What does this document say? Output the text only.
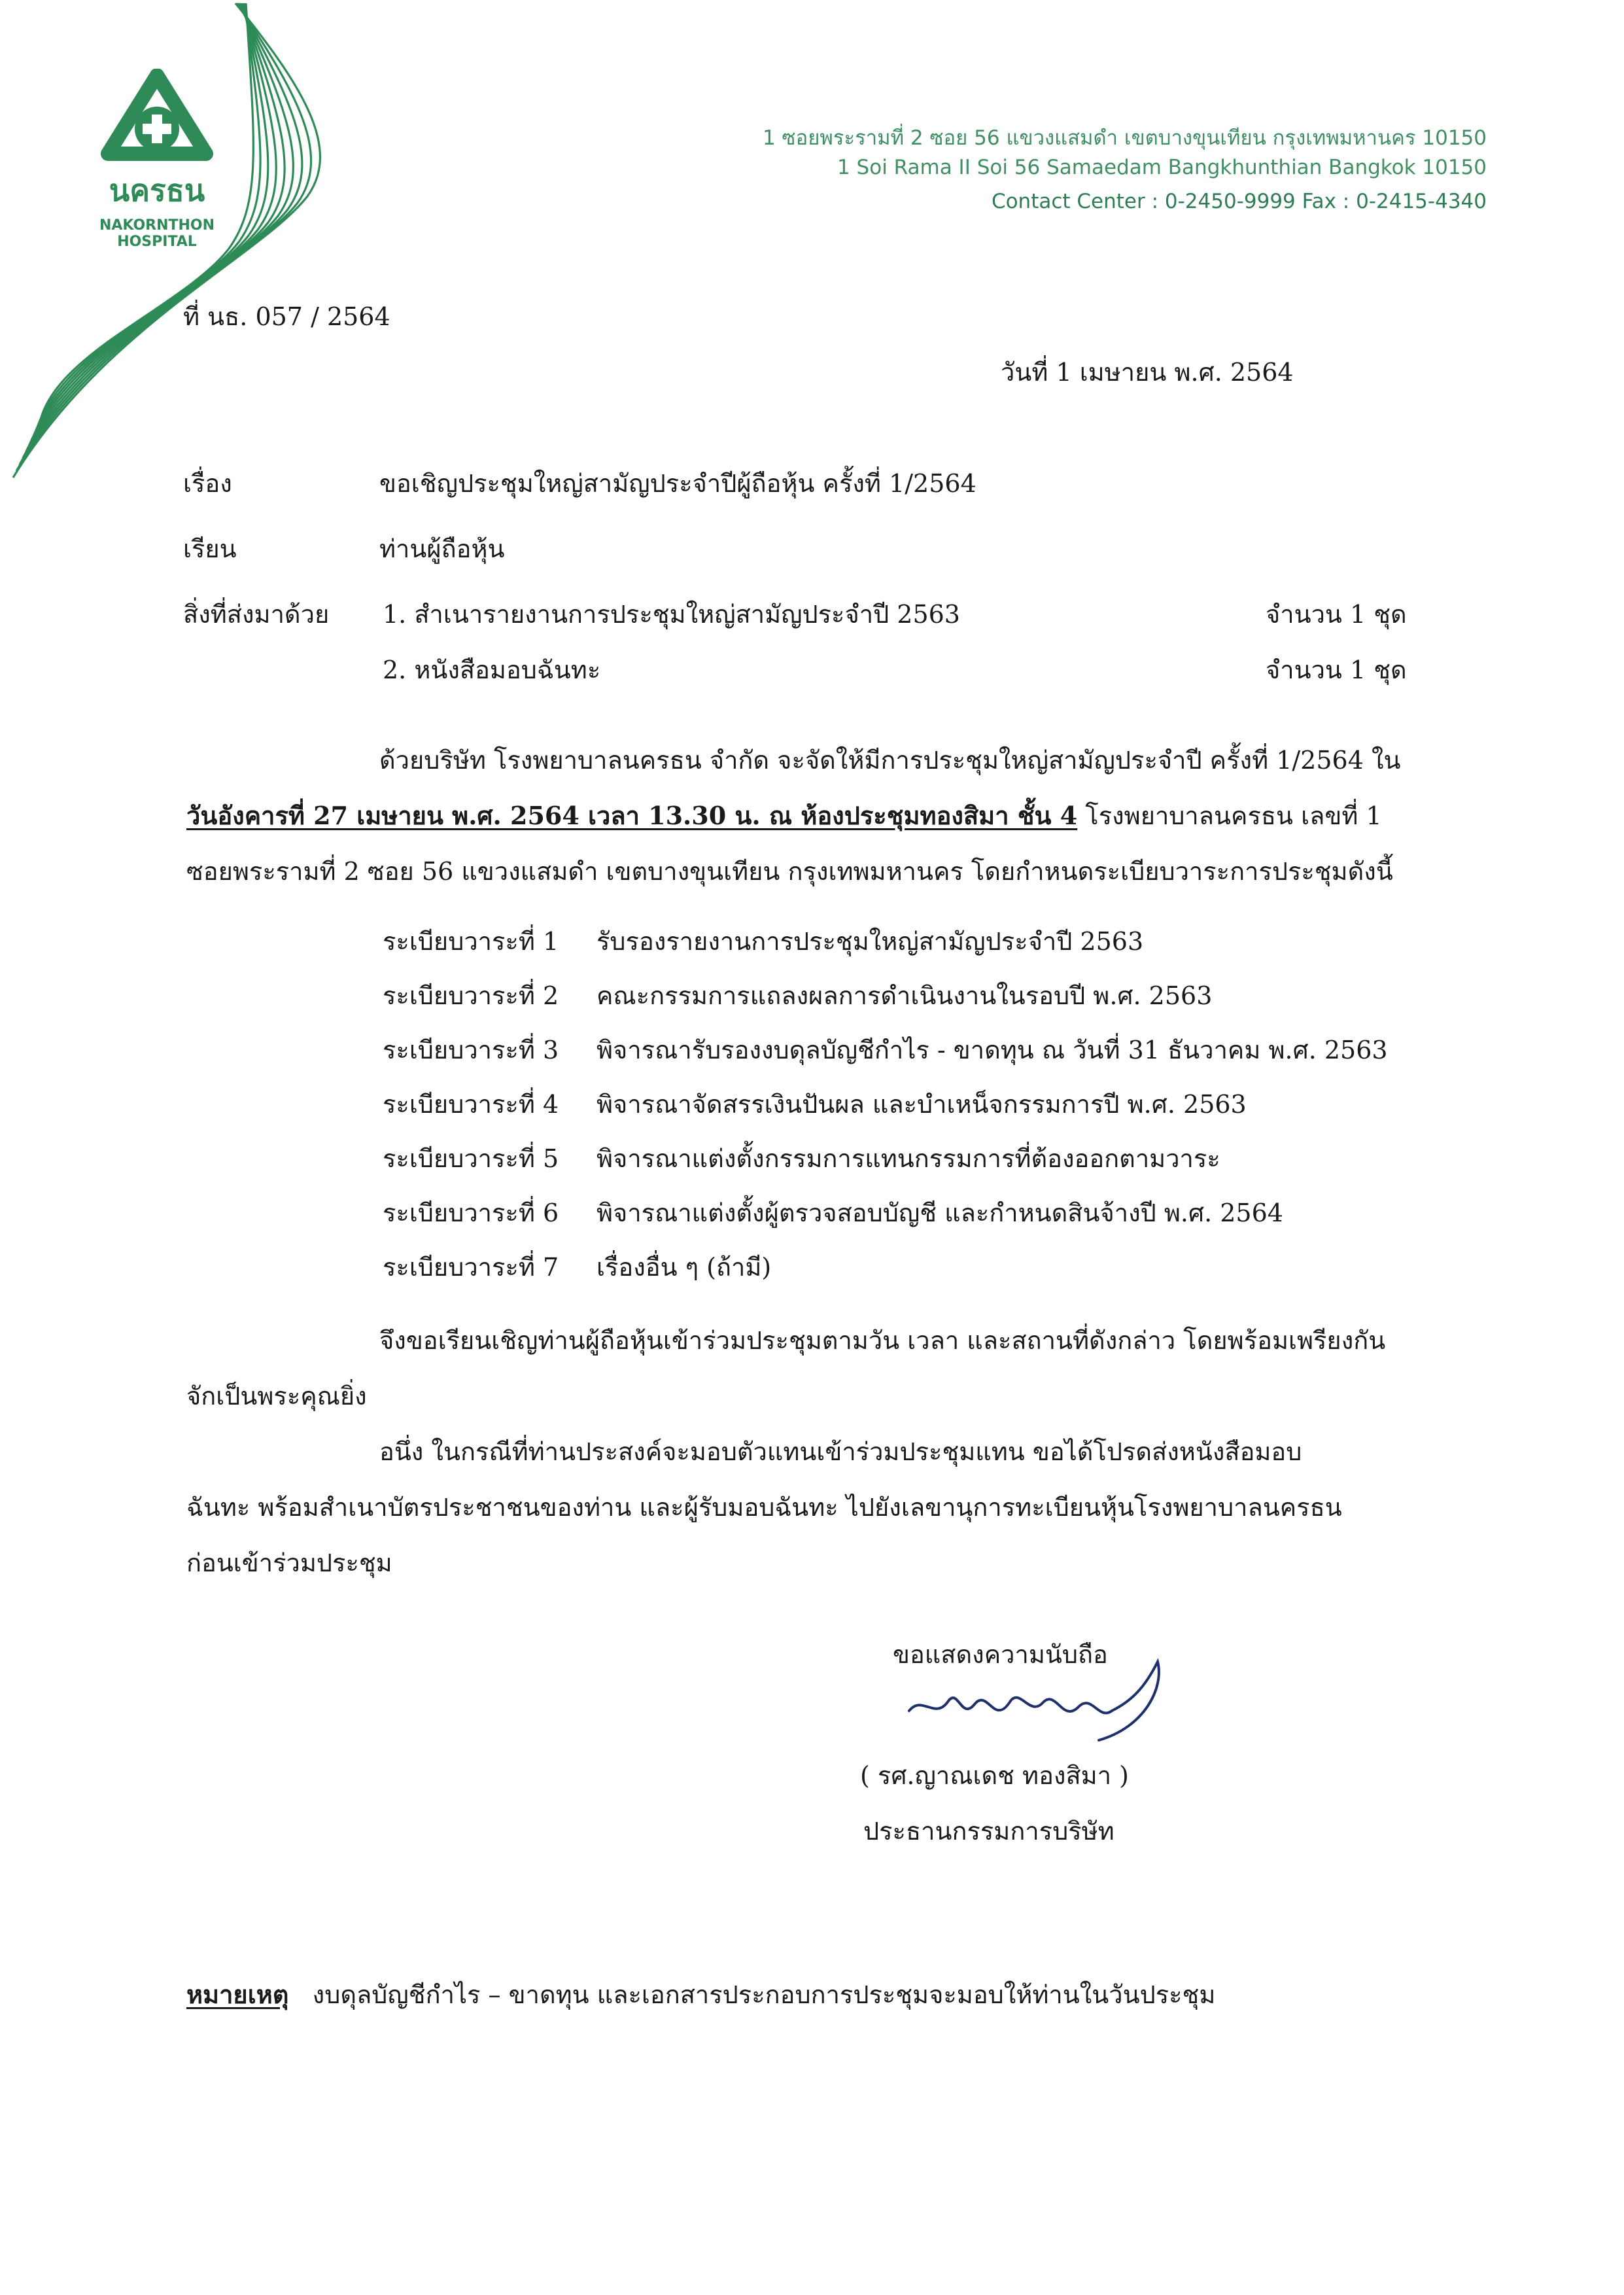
นครธน
NAKORNTHON
HOSPITAL
1 ซอยพระรามที่ 2 ซอย 56 แขวงแสมดำ เขตบางขุนเทียน กรุงเทพมหานคร 10150
1 Soi Rama II Soi 56 Samaedam Bangkhunthian Bangkok 10150
Contact Center : 0-2450-9999 Fax : 0-2415-4340
ที่ นธ. 057 / 2564
วันที่ 1 เมษายน พ.ศ. 2564
เรื่อง	ขอเชิญประชุมใหญ่สามัญประจำปีผู้ถือหุ้น ครั้งที่ 1/2564
เรียน	ท่านผู้ถือหุ้น
สิ่งที่ส่งมาด้วย 1. สำเนารายงานการประชุมใหญ่สามัญประจำปี 2563	จำนวน 1 ชุด
2. หนังสือมอบฉันทะ	จำนวน 1 ชุด
ด้วยบริษัท โรงพยาบาลนครธน จำกัด จะจัดให้มีการประชุมใหญ่สามัญประจำปี ครั้งที่ 1/2564 ใน
วันอังคารที่ 27 เมษายน พ.ศ. 2564 เวลา 13.30 น. ณ ห้องประชุมทองสิมา ชั้น 4 โรงพยาบาลนครธน เลขที่ 1
ซอยพระรามที่ 2 ซอย 56 แขวงแสมดำ เขตบางขุนเทียน กรุงเทพมหานคร โดยกำหนดระเบียบวาระการประชุมดังนี้
ระเบียบวาระที่ 1 รับรองรายงานการประชุมใหญ่สามัญประจำปี 2563
ระเบียบวาระที่ 2 คณะกรรมการแถลงผลการดำเนินงานในรอบปี พ.ศ. 2563
ระเบียบวาระที่ 3 พิจารณารับรองงบดุลบัญชีกำไร - ขาดทุน ณ วันที่ 31 ธันวาคม พ.ศ. 2563
ระเบียบวาระที่ 4 พิจารณาจัดสรรเงินปันผล และบำเหน็จกรรมการปี พ.ศ. 2563
ระเบียบวาระที่ 5 พิจารณาแต่งตั้งกรรมการแทนกรรมการที่ต้องออกตามวาระ
ระเบียบวาระที่ 6 พิจารณาแต่งตั้งผู้ตรวจสอบบัญชี และกำหนดสินจ้างปี พ.ศ. 2564
ระเบียบวาระที่ 7 เรื่องอื่น ๆ (ถ้ามี)
จึงขอเรียนเชิญท่านผู้ถือหุ้นเข้าร่วมประชุมตามวัน เวลา และสถานที่ดังกล่าว โดยพร้อมเพรียงกัน
จักเป็นพระคุณยิ่ง
อนึ่ง ในกรณีที่ท่านประสงค์จะมอบตัวแทนเข้าร่วมประชุมแทน ขอได้โปรดส่งหนังสือมอบ
ฉันทะ พร้อมสำเนาบัตรประชาชนของท่าน และผู้รับมอบฉันทะ ไปยังเลขานุการทะเบียนหุ้นโรงพยาบาลนครธน
ก่อนเข้าร่วมประชุม
ขอแสดงความนับถือ
( รศ.ญาณเดช ทองสิมา )
ประธานกรรมการบริษัท
หมายเหตุ งบดุลบัญชีกำไร – ขาดทุน และเอกสารประกอบการประชุมจะมอบให้ท่านในวันประชุม
